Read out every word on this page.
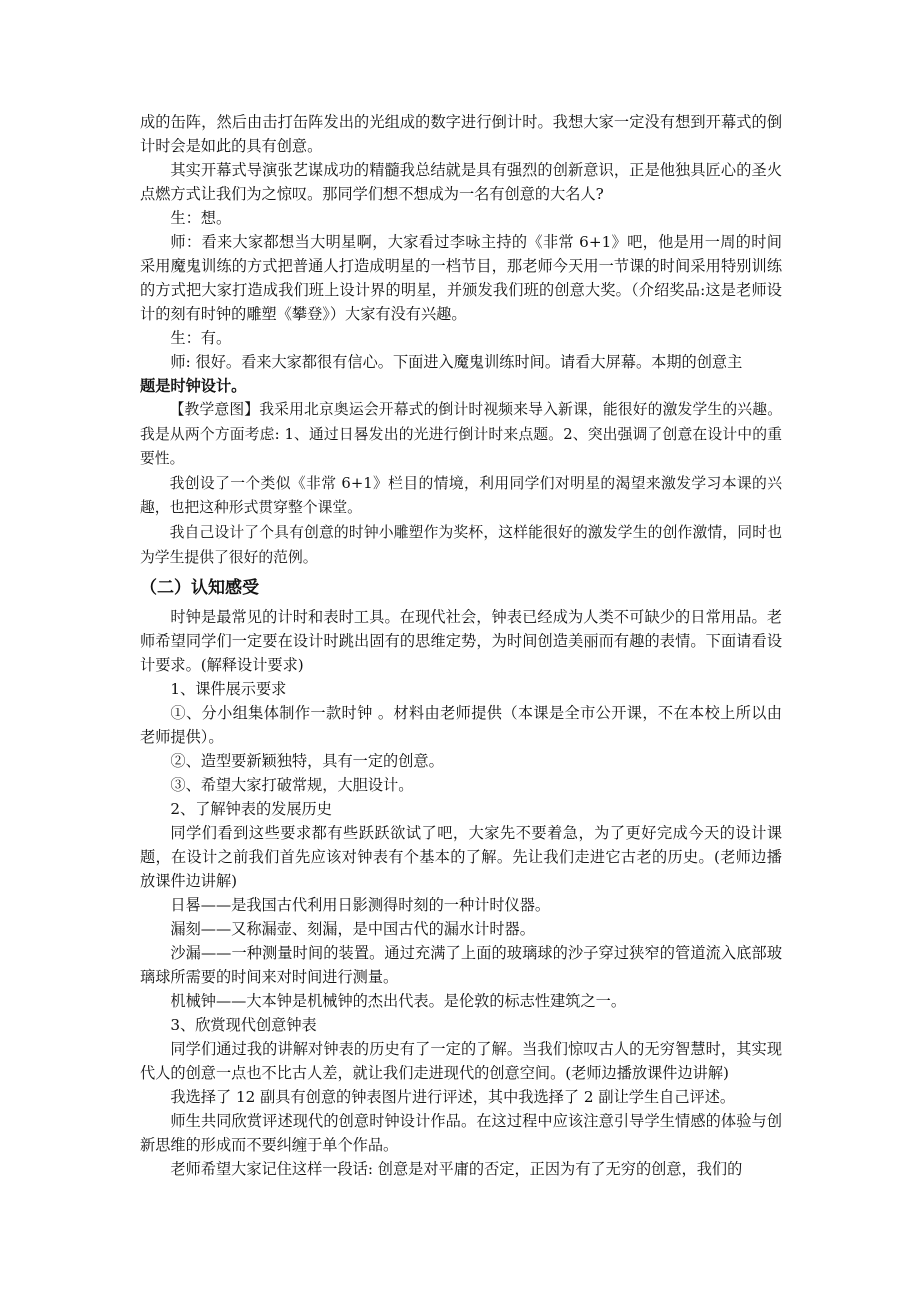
成的缶阵，然后由击打缶阵发出的光组成的数字进行倒计时。我想大家一定没有想到开幕式的倒计时会是如此的具有创意。

其实开幕式导演张艺谋成功的精髓我总结就是具有强烈的创新意识，正是他独具匠心的圣火点燃方式让我们为之惊叹。那同学们想不想成为一名有创意的大名人?

生：想。

师：看来大家都想当大明星啊，大家看过李咏主持的《非常 6+1》吧，他是用一周的时间采用魔鬼训练的方式把普通人打造成明星的一档节目，那老师今天用一节课的时间采用特别训练的方式把大家打造成我们班上设计界的明星，并颁发我们班的创意大奖。（介绍奖品:这是老师设计的刻有时钟的雕塑《攀登》）大家有没有兴趣。

生：有。

师: 很好。看来大家都很有信心。下面进入魔鬼训练时间。请看大屏幕。本期的创意主
题是时钟设计。

【教学意图】我采用北京奥运会开幕式的倒计时视频来导入新课，能很好的激发学生的兴趣。我是从两个方面考虑: 1、通过日晷发出的光进行倒计时来点题。2、突出强调了创意在设计中的重要性。

我创设了一个类似《非常 6+1》栏目的情境，利用同学们对明星的渴望来激发学习本课的兴趣，也把这种形式贯穿整个课堂。

我自己设计了个具有创意的时钟小雕塑作为奖杯，这样能很好的激发学生的创作激情，同时也为学生提供了很好的范例。

（二）认知感受

时钟是最常见的计时和表时工具。在现代社会，钟表已经成为人类不可缺少的日常用品。老师希望同学们一定要在设计时跳出固有的思维定势，为时间创造美丽而有趣的表情。下面请看设计要求。(解释设计要求)

1、课件展示要求

①、分小组集体制作一款时钟 。材料由老师提供（本课是全市公开课，不在本校上所以由老师提供）。

②、造型要新颖独特，具有一定的创意。

③、希望大家打破常规，大胆设计。

2、了解钟表的发展历史

同学们看到这些要求都有些跃跃欲试了吧，大家先不要着急，为了更好完成今天的设计课题，在设计之前我们首先应该对钟表有个基本的了解。先让我们走进它古老的历史。(老师边播放课件边讲解)

日晷——是我国古代利用日影测得时刻的一种计时仪器。

漏刻——又称漏壶、刻漏，是中国古代的漏水计时器。

沙漏——一种测量时间的装置。通过充满了上面的玻璃球的沙子穿过狭窄的管道流入底部玻璃球所需要的时间来对时间进行测量。

机械钟——大本钟是机械钟的杰出代表。是伦敦的标志性建筑之一。

3、欣赏现代创意钟表

同学们通过我的讲解对钟表的历史有了一定的了解。当我们惊叹古人的无穷智慧时，其实现代人的创意一点也不比古人差，就让我们走进现代的创意空间。(老师边播放课件边讲解)

我选择了 12 副具有创意的钟表图片进行评述，其中我选择了 2 副让学生自己评述。

师生共同欣赏评述现代的创意时钟设计作品。在这过程中应该注意引导学生情感的体验与创新思维的形成而不要纠缠于单个作品。

老师希望大家记住这样一段话: 创意是对平庸的否定，正因为有了无穷的创意，我们的
